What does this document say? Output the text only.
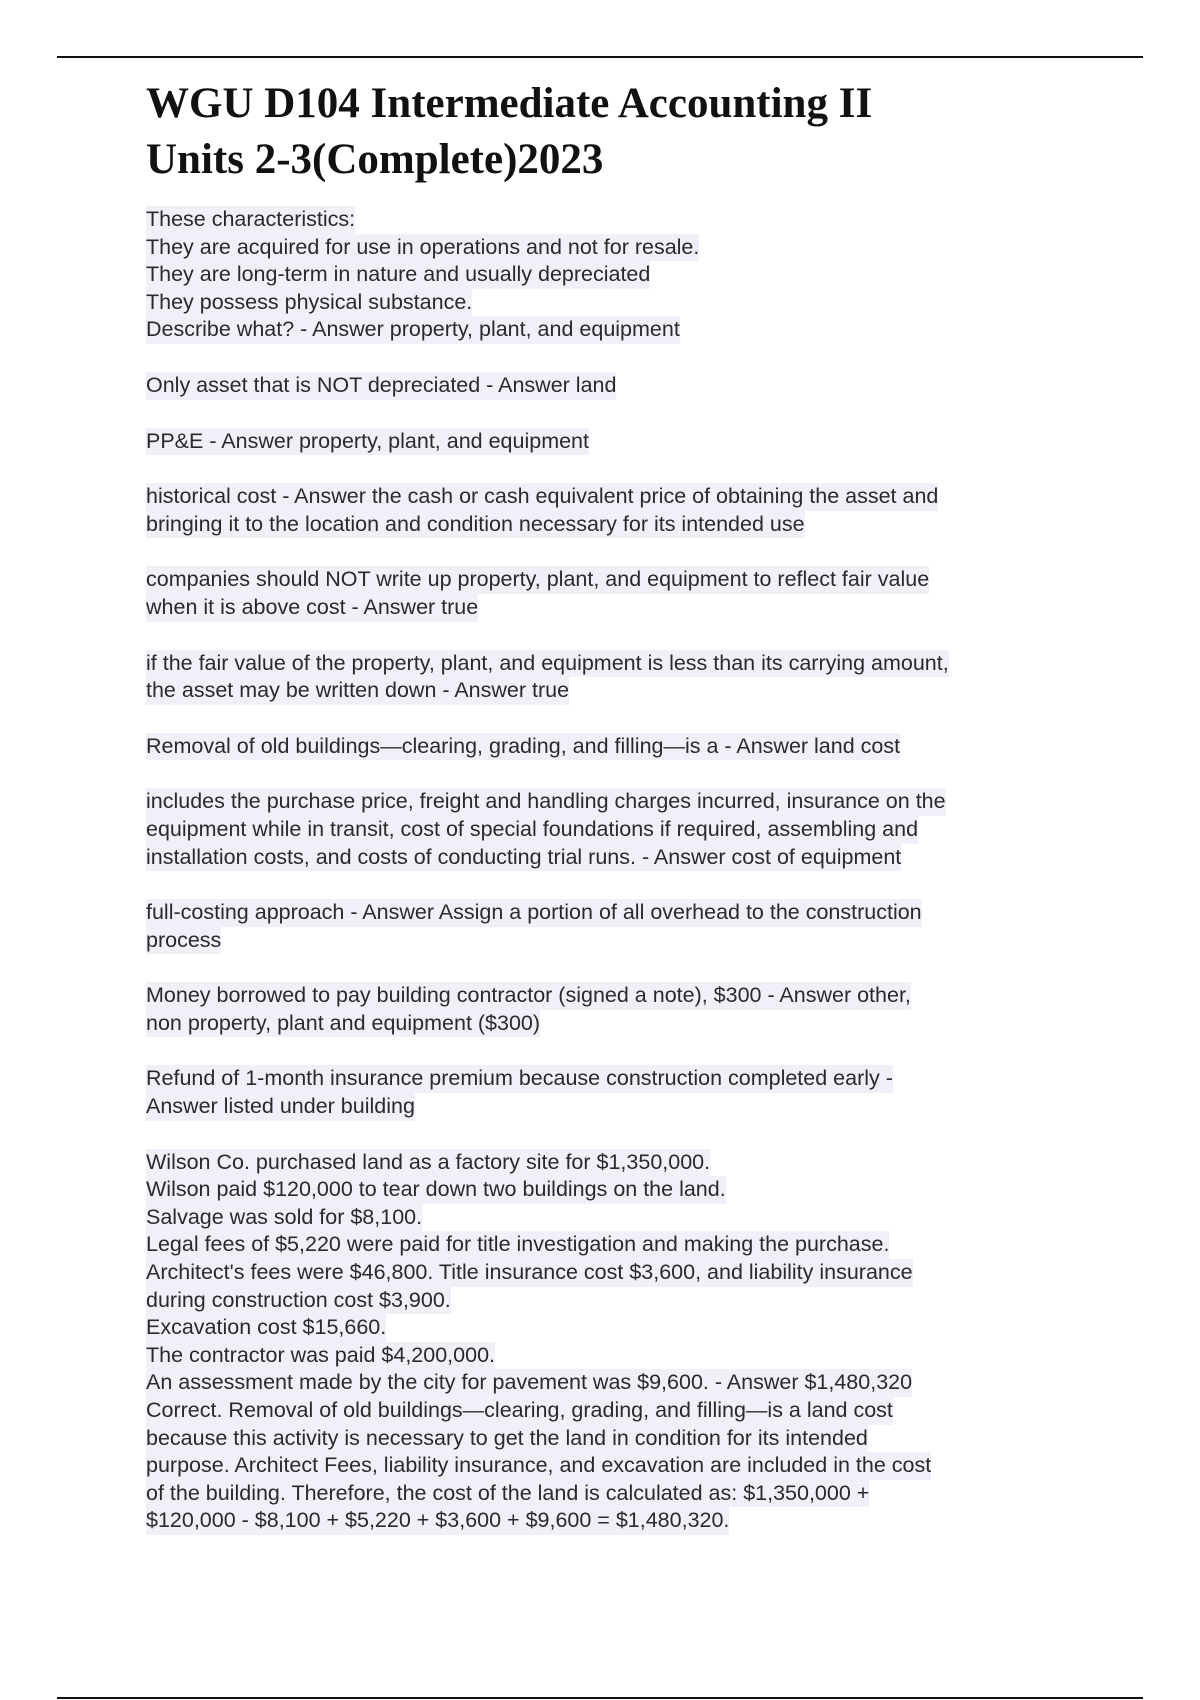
WGU D104 Intermediate Accounting II
Units 2-3(Complete)2023
These characteristics:
They are acquired for use in operations and not for resale.
They are long-term in nature and usually depreciated
They possess physical substance.
Describe what? - Answer property, plant, and equipment
Only asset that is NOT depreciated - Answer land
PP&E - Answer property, plant, and equipment
historical cost - Answer the cash or cash equivalent price of obtaining the asset and
bringing it to the location and condition necessary for its intended use
companies should NOT write up property, plant, and equipment to reflect fair value
when it is above cost - Answer true
if the fair value of the property, plant, and equipment is less than its carrying amount,
the asset may be written down - Answer true
Removal of old buildings—clearing, grading, and filling—is a - Answer land cost
includes the purchase price, freight and handling charges incurred, insurance on the
equipment while in transit, cost of special foundations if required, assembling and
installation costs, and costs of conducting trial runs. - Answer cost of equipment
full-costing approach - Answer Assign a portion of all overhead to the construction
process
Money borrowed to pay building contractor (signed a note), $300 - Answer other,
non property, plant and equipment ($300)
Refund of 1-month insurance premium because construction completed early -
Answer listed under building
Wilson Co. purchased land as a factory site for $1,350,000.
Wilson paid $120,000 to tear down two buildings on the land.
Salvage was sold for $8,100.
Legal fees of $5,220 were paid for title investigation and making the purchase.
Architect's fees were $46,800. Title insurance cost $3,600, and liability insurance
during construction cost $3,900.
Excavation cost $15,660.
The contractor was paid $4,200,000.
An assessment made by the city for pavement was $9,600. - Answer $1,480,320
Correct. Removal of old buildings—clearing, grading, and filling—is a land cost
because this activity is necessary to get the land in condition for its intended
purpose. Architect Fees, liability insurance, and excavation are included in the cost
of the building. Therefore, the cost of the land is calculated as: $1,350,000 +
$120,000 - $8,100 + $5,220 + $3,600 + $9,600 = $1,480,320.
